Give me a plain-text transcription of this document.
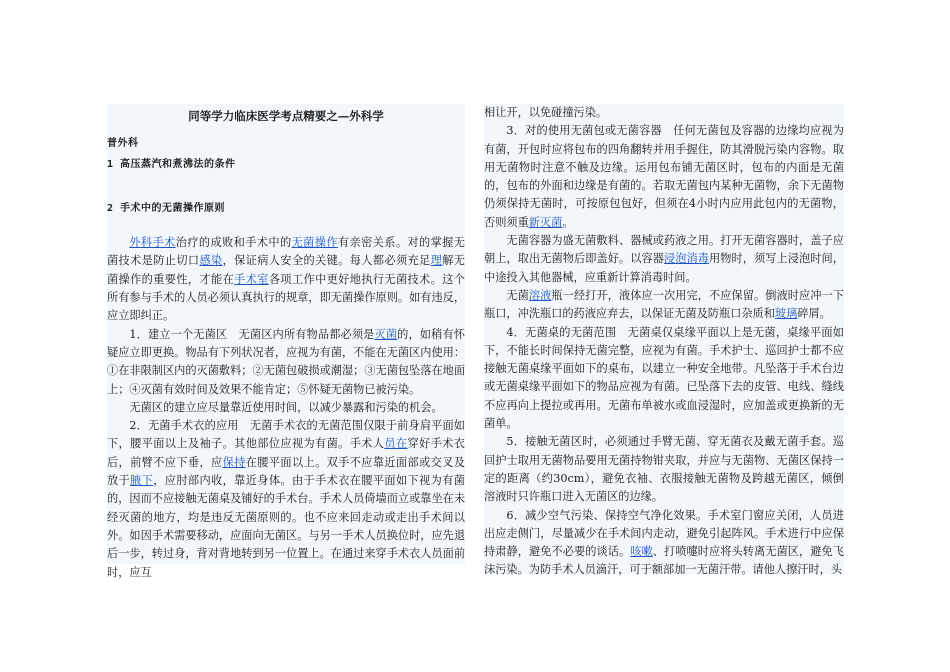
同等学力临床医学考点精要之—外科学

普外科

1 高压蒸汽和煮沸法的条件

2 手术中的无菌操作原则

外科手术治疗的成败和手术中的无菌操作有亲密关系。对的掌握无菌技术是防止切口感染，保证病人安全的关键。每人都必须充足理解无菌操作的重要性，才能在手术室各项工作中更好地执行无菌技术。这个所有参与手术的人员必须认真执行的规章，即无菌操作原则。如有违反，应立即纠正。

1．建立一个无菌区　无菌区内所有物品都必须是灭菌的，如稍有怀疑应立即更换。物品有下列状况者，应视为有菌，不能在无菌区内使用：①在非限制区内的灭菌敷料；②无菌包破损或潮湿；③无菌包坠落在地面上；④灭菌有效时间及效果不能肯定；⑤怀疑无菌物已被污染。

无菌区的建立应尽量靠近使用时间，以减少暴露和污染的机会。

2．无菌手术衣的应用　无菌手术衣的无菌范围仅限于前身肩平面如下，腰平面以上及袖子。其他部位应视为有菌。手术人员在穿好手术衣后，前臂不应下垂，应保持在腰平面以上。双手不应靠近面部或交叉及放于腋下，应肘部内收，靠近身体。由于手术衣在腰平面如下视为有菌的，因而不应接触无菌桌及铺好的手术台。手术人员倚墙而立或靠坐在未经灭菌的地方，均是违反无菌原则的。也不应来回走动或走出手术间以外。如因手术需要移动，应面向无菌区。与另一手术人员换位时，应先退后一步，转过身，背对背地转到另一位置上。在通过来穿手术衣人员面前时，应互

相让开，以免碰撞污染。

3．对的使用无菌包或无菌容器　任何无菌包及容器的边缘均应视为有菌，开包时应将包布的四角翻转并用手握住，防其滑脱污染内容物。取用无菌物时注意不触及边缘。运用包布铺无菌区时，包布的内面是无菌的，包布的外面和边缘是有菌的。若取无菌包内某种无菌物，余下无菌物仍须保持无菌时，可按原包包好，但须在4小时内应用此包内的无菌物，否则须重新灭菌。

无菌容器为盛无菌敷料、器械或药液之用。打开无菌容器时，盖子应朝上，取出无菌物后即盖好。以容器浸泡消毒用物时，须写上浸泡时间，中途投入其他器械，应重新计算消毒时间。

无菌溶液瓶一经打开，液体应一次用完，不应保留。倒液时应冲一下瓶口，冲洗瓶口的药液应弃去，以保证无菌及防瓶口杂质和玻璃碎屑。

4．无菌桌的无菌范围　无菌桌仅桌缘平面以上是无菌，桌缘平面如下，不能长时间保持无菌完整，应视为有菌。手术护士、巡回护士都不应接触无菌桌缘平面如下的桌布，以建立一种安全地带。凡坠落于手术台边或无菌桌缘平面如下的物品应视为有菌。已坠落下去的皮管、电线、缝线不应再向上提拉或再用。无菌布单被水或血浸湿时，应加盖或更换新的无菌单。

5．接触无菌区时，必须通过手臂无菌、穿无菌衣及戴无菌手套。巡回护士取用无菌物品要用无菌持物钳夹取，并应与无菌物、无菌区保持一定的距离（约30cm），避免衣袖、衣服接触无菌物及跨越无菌区，倾倒溶液时只许瓶口进入无菌区的边缘。

6．减少空气污染、保持空气净化效果。手术室门窗应关闭，人员进出应走侧门，尽量减少在手术间内走动，避免引起阵风。手术进行中应保持肃静，避免不必要的谈话。咳嗽、打喷嚏时应将头转离无菌区，避免飞沫污染。为防手术人员滴汗，可于额部加一无菌汗带。请他人擦汗时，头
